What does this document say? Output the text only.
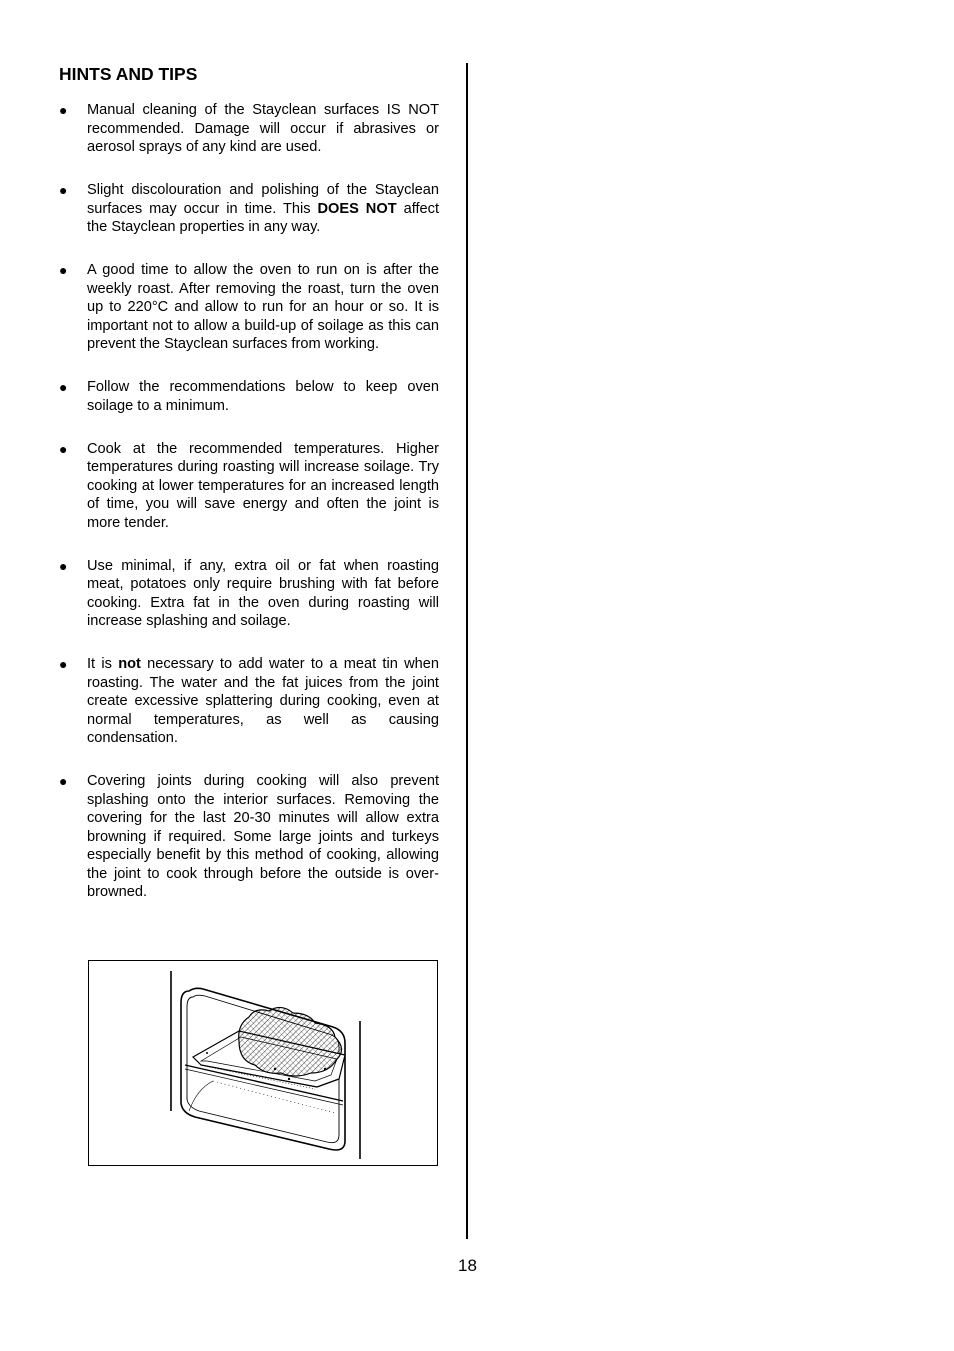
HINTS AND TIPS
● Manual cleaning of the Stayclean surfaces IS NOT recommended. Damage will occur if abrasives or aerosol sprays of any kind are used.
● Slight discolouration and polishing of the Stayclean surfaces may occur in time. This DOES NOT affect the Stayclean properties in any way.
● A good time to allow the oven to run on is after the weekly roast. After removing the roast, turn the oven up to 220°C and allow to run for an hour or so. It is important not to allow a build-up of soilage as this can prevent the Stayclean surfaces from working.
● Follow the recommendations below to keep oven soilage to a minimum.
● Cook at the recommended temperatures. Higher temperatures during roasting will increase soilage. Try cooking at lower temperatures for an increased length of time, you will save energy and often the joint is more tender.
● Use minimal, if any, extra oil or fat when roasting meat, potatoes only require brushing with fat before cooking. Extra fat in the oven during roasting will increase splashing and soilage.
● It is not necessary to add water to a meat tin when roasting. The water and the fat juices from the joint create excessive splattering during cooking, even at normal temperatures, as well as causing condensation.
● Covering joints during cooking will also prevent splashing onto the interior surfaces. Removing the covering for the last 20-30 minutes will allow extra browning if required. Some large joints and turkeys especially benefit by this method of cooking, allowing the joint to cook through before the outside is over-browned.
18
